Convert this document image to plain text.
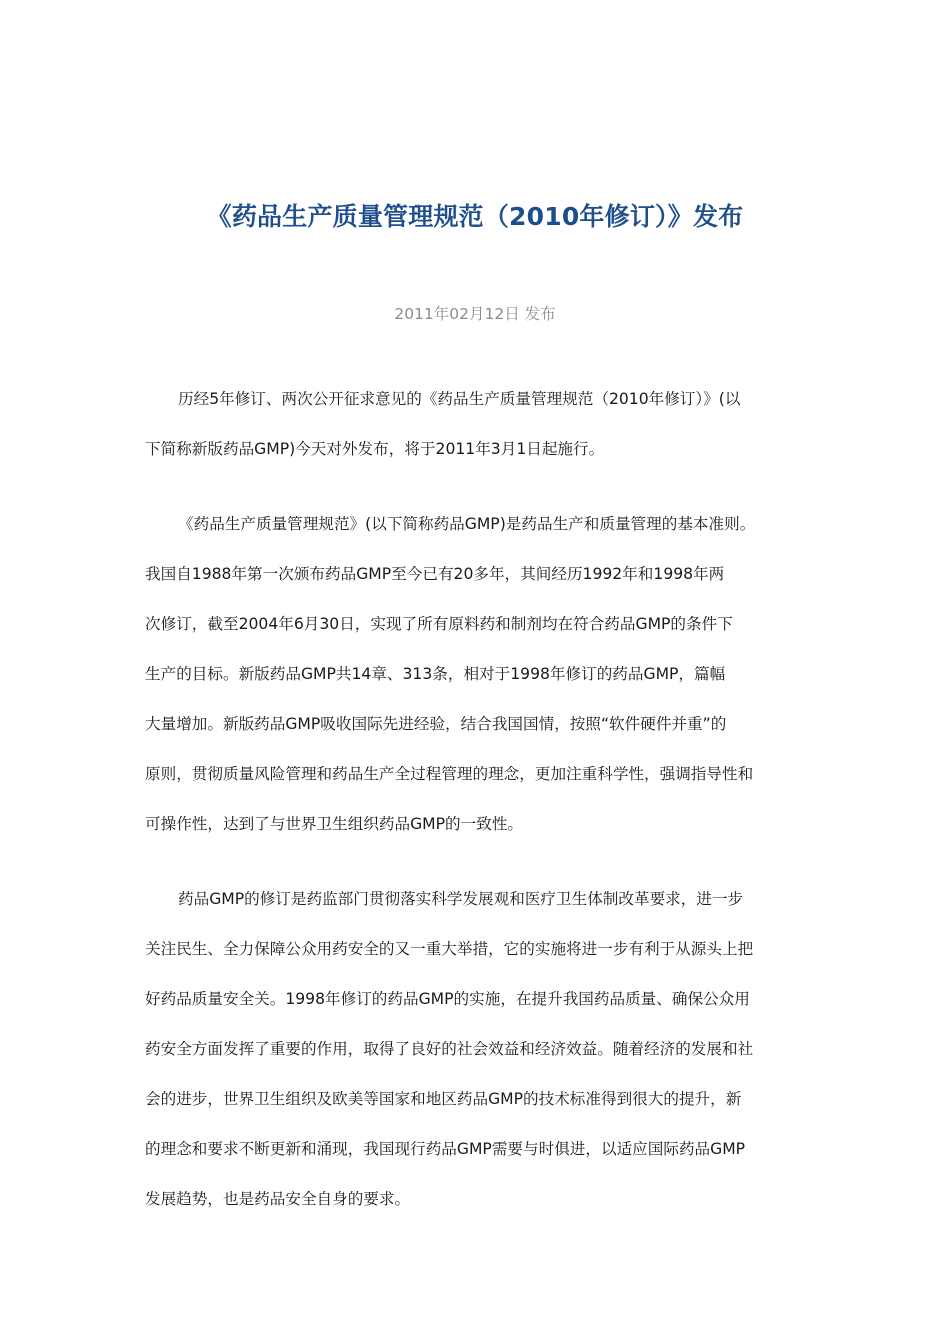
《药品生产质量管理规范（2010年修订）》发布
2011年02月12日 发布
历经5年修订、两次公开征求意见的《药品生产质量管理规范（2010年修订）》(以
下简称新版药品GMP)今天对外发布，将于2011年3月1日起施行。
《药品生产质量管理规范》(以下简称药品GMP)是药品生产和质量管理的基本准则。
我国自1988年第一次颁布药品GMP至今已有20多年，其间经历1992年和1998年两
次修订，截至2004年6月30日，实现了所有原料药和制剂均在符合药品GMP的条件下
生产的目标。新版药品GMP共14章、313条，相对于1998年修订的药品GMP，篇幅
大量增加。新版药品GMP吸收国际先进经验，结合我国国情，按照“软件硬件并重”的
原则，贯彻质量风险管理和药品生产全过程管理的理念，更加注重科学性，强调指导性和
可操作性，达到了与世界卫生组织药品GMP的一致性。
药品GMP的修订是药监部门贯彻落实科学发展观和医疗卫生体制改革要求，进一步
关注民生、全力保障公众用药安全的又一重大举措，它的实施将进一步有利于从源头上把
好药品质量安全关。1998年修订的药品GMP的实施，在提升我国药品质量、确保公众用
药安全方面发挥了重要的作用，取得了良好的社会效益和经济效益。随着经济的发展和社
会的进步，世界卫生组织及欧美等国家和地区药品GMP的技术标准得到很大的提升，新
的理念和要求不断更新和涌现，我国现行药品GMP需要与时俱进，以适应国际药品GMP
发展趋势，也是药品安全自身的要求。
